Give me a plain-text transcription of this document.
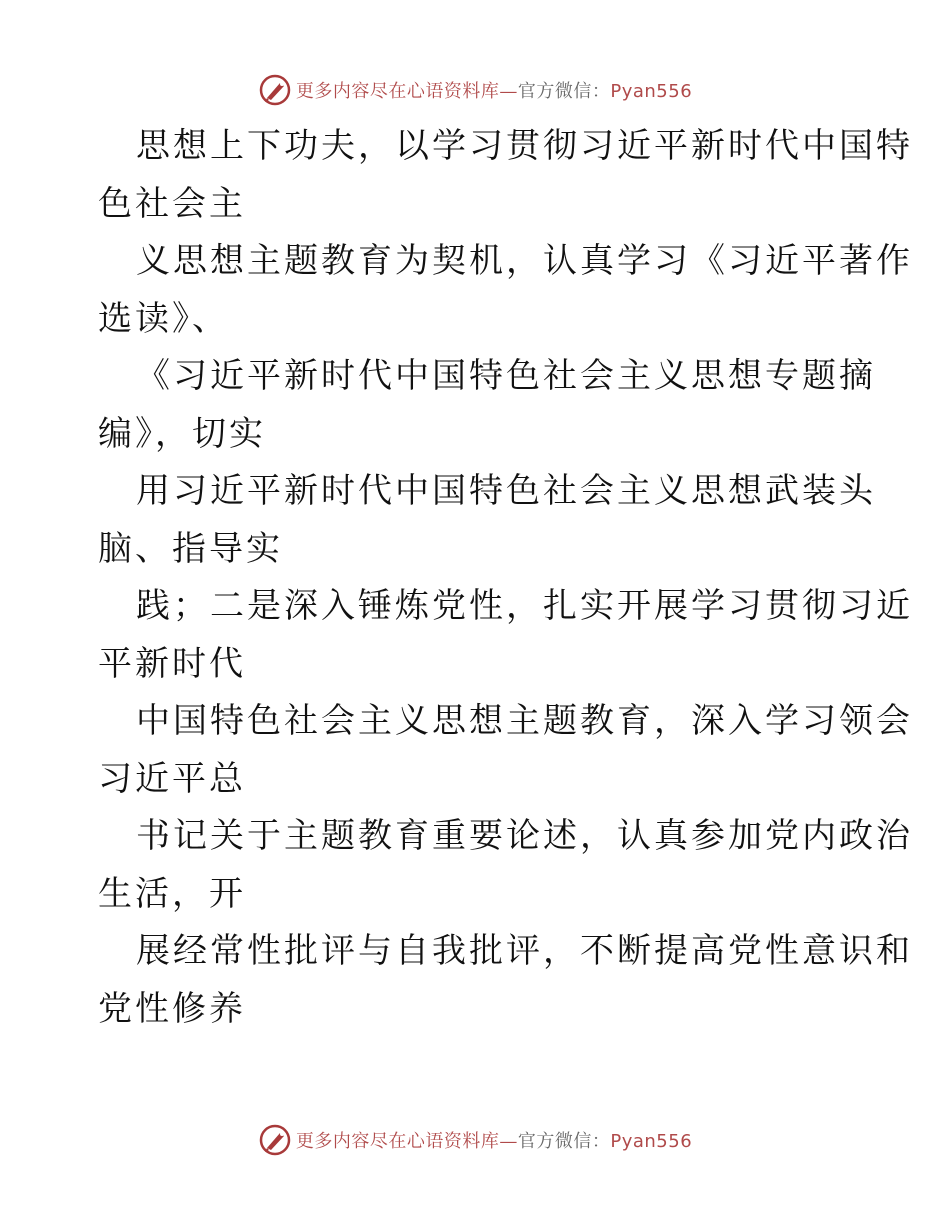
更多内容尽在心语资料库—官方微信：Pyan556
思想上下功夫，以学习贯彻习近平新时代中国特
色社会主
义思想主题教育为契机，认真学习《习近平著作
选读》、
《习近平新时代中国特色社会主义思想专题摘
编》，切实
用习近平新时代中国特色社会主义思想武装头
脑、指导实
践；二是深入锤炼党性，扎实开展学习贯彻习近
平新时代
中国特色社会主义思想主题教育，深入学习领会
习近平总
书记关于主题教育重要论述，认真参加党内政治
生活，开
展经常性批评与自我批评，不断提高党性意识和
党性修养
更多内容尽在心语资料库—官方微信：Pyan556
